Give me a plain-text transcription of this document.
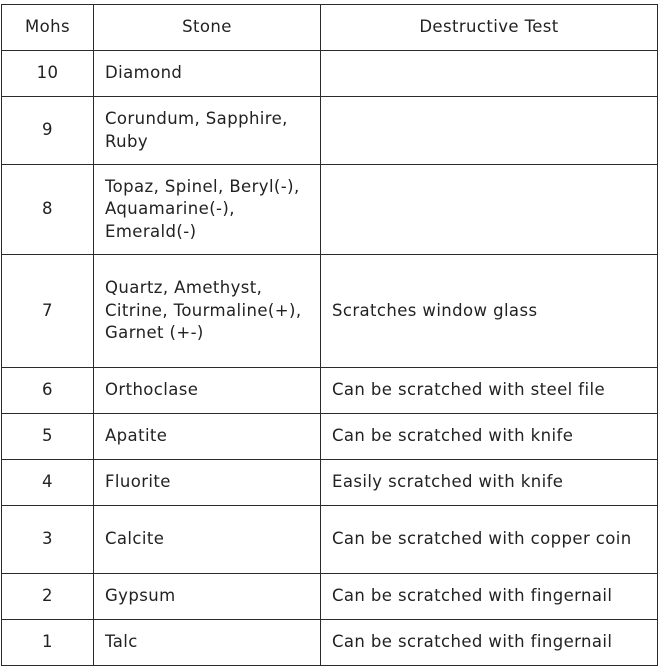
Mohs	Stone	Destructive Test
10	Diamond	
9	Corundum, Sapphire, Ruby	
8	Topaz, Spinel, Beryl(-), Aquamarine(-), Emerald(-)	
7	Quartz, Amethyst, Citrine, Tourmaline(+), Garnet (+-)	Scratches window glass
6	Orthoclase	Can be scratched with steel file
5	Apatite	Can be scratched with knife
4	Fluorite	Easily scratched with knife
3	Calcite	Can be scratched with copper coin
2	Gypsum	Can be scratched with fingernail
1	Talc	Can be scratched with fingernail
